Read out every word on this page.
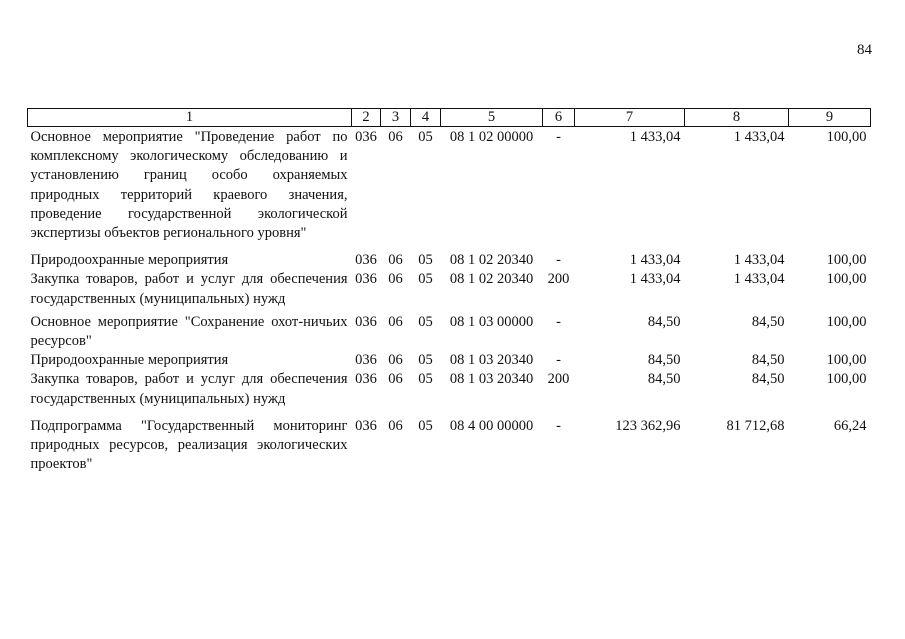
84
1	2	3	4	5	6	7	8	9
Основное мероприятие "Проведение работ по комплексному экологическому обследованию и установлению границ особо охраняемых природных территорий краевого значения, проведение государственной экологической экспертизы объектов регионального уровня"	036	06	05	08 1 02 00000	-	1 433,04	1 433,04	100,00
Природоохранные мероприятия	036	06	05	08 1 02 20340	-	1 433,04	1 433,04	100,00
Закупка товаров, работ и услуг для обеспечения государственных (муниципальных) нужд	036	06	05	08 1 02 20340	200	1 433,04	1 433,04	100,00
Основное мероприятие "Сохранение охот-ничьих ресурсов"	036	06	05	08 1 03 00000	-	84,50	84,50	100,00
Природоохранные мероприятия	036	06	05	08 1 03 20340	-	84,50	84,50	100,00
Закупка товаров, работ и услуг для обеспечения государственных (муниципальных) нужд	036	06	05	08 1 03 20340	200	84,50	84,50	100,00
Подпрограмма "Государственный мониторинг природных ресурсов, реализация экологических проектов"	036	06	05	08 4 00 00000	-	123 362,96	81 712,68	66,24
